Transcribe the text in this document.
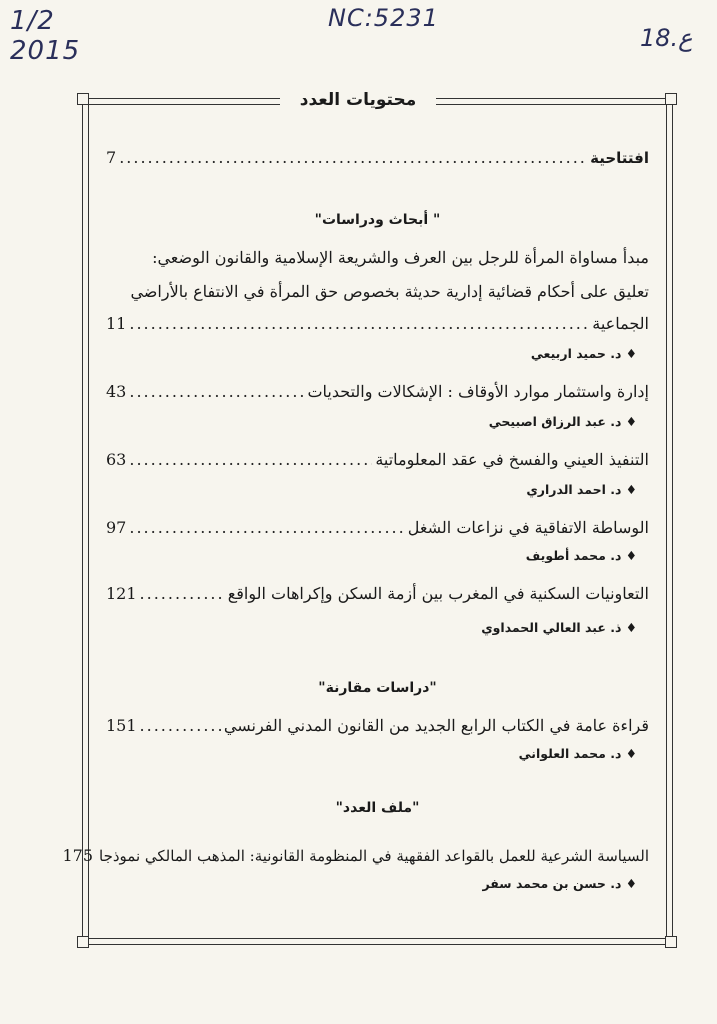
1/2
2015
NC:5231
18.ع
محتويات العدد
افتتاحية
.....
7
" أبحاث ودراسات"
مبدأ مساواة المرأة للرجل بين العرف والشريعة الإسلامية والقانون الوضعي:
تعليق على أحكام قضائية إدارية حديثة بخصوص حق المرأة في الانتفاع بالأراضي
الجماعية
.....
11
♦ د. حميد اربيعي
إدارة واستثمار موارد الأوقاف : الإشكالات والتحديات
.....
43
♦ د. عبد الرزاق اصبيحي
التنفيذ العيني والفسخ في عقد المعلوماتية
.....
63
♦ د. احمد الدراري
الوساطة الاتفاقية في نزاعات الشغل
.....
97
♦ د. محمد أطويف
التعاونيات السكنية في المغرب بين أزمة السكن وإكراهات الواقع
.....
121
♦ ذ. عبد العالي الحمداوي
"دراسات مقارنة"
قراءة عامة في الكتاب الرابع الجديد من القانون المدني الفرنسي
.....
151
♦ د. محمد العلواني
"ملف العدد"
السياسة الشرعية للعمل بالقواعد الفقهية في المنظومة القانونية: المذهب المالكي نموذجا
175
♦ د. حسن بن محمد سفر
